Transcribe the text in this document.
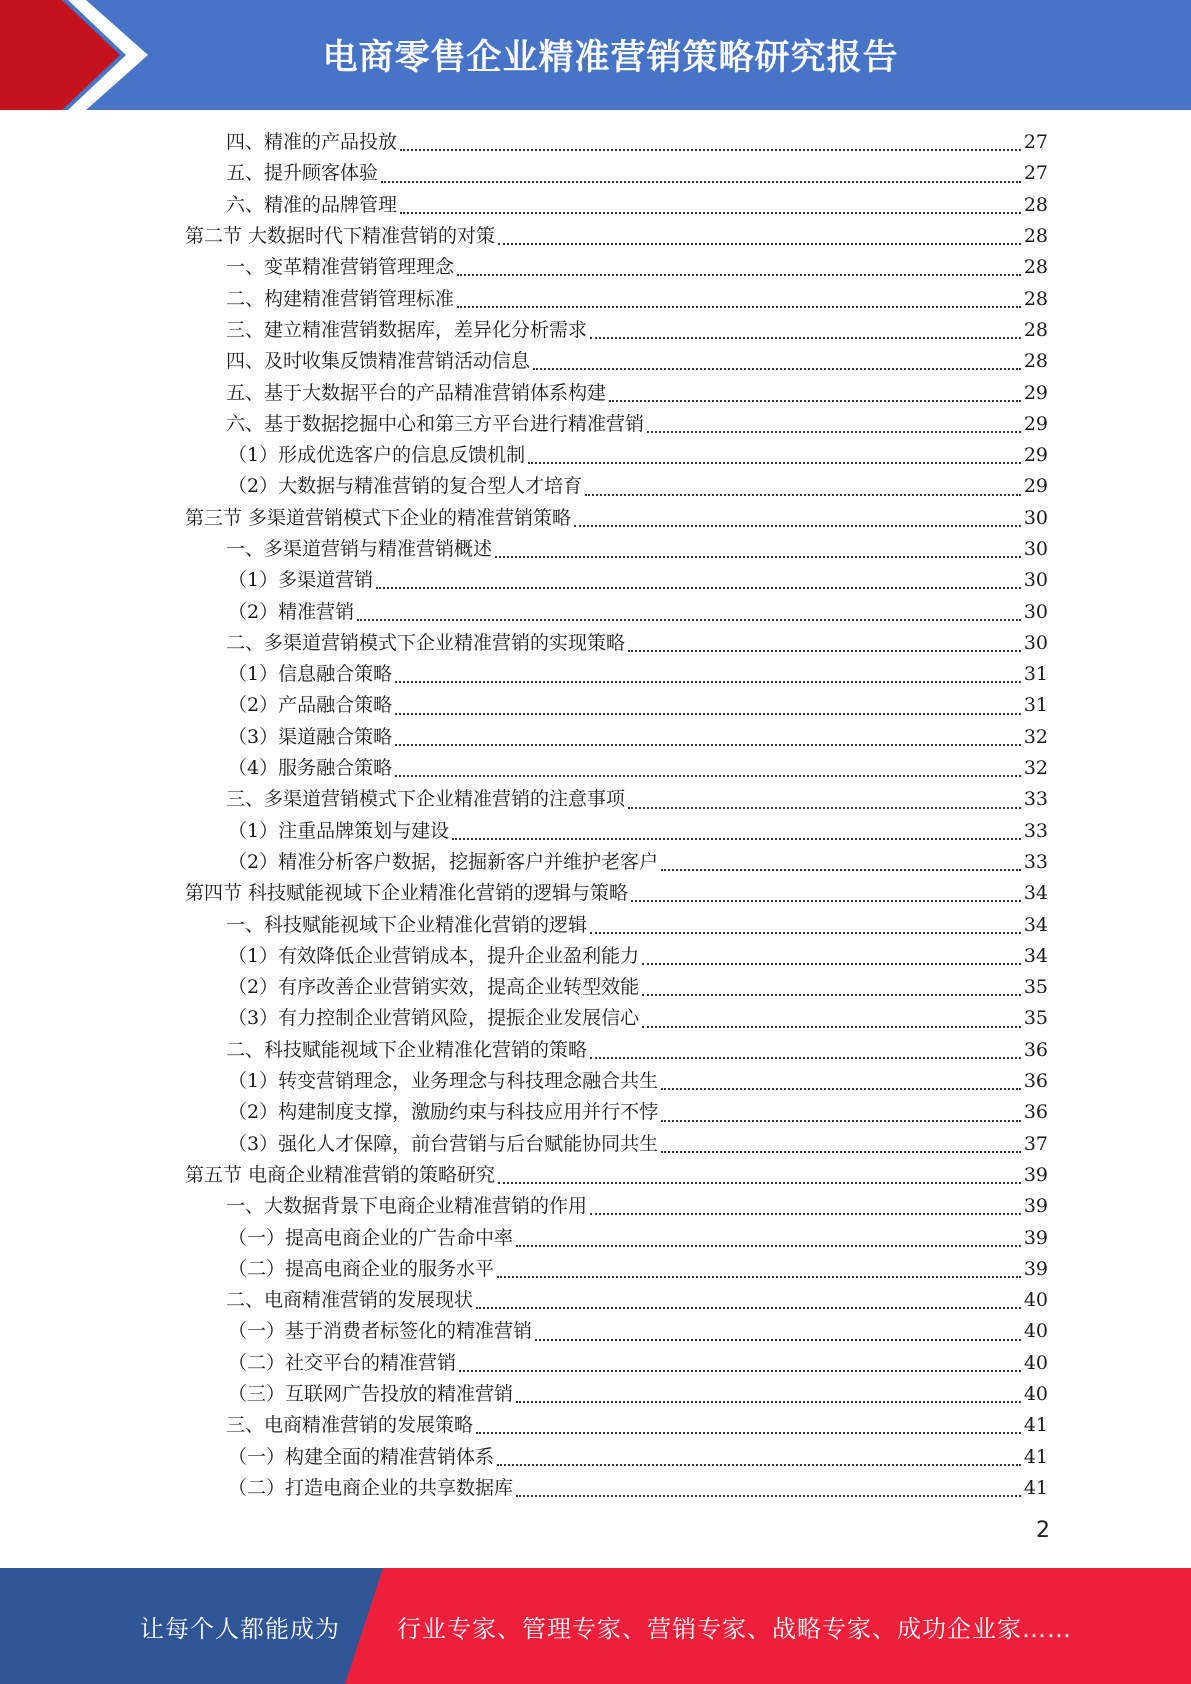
电商零售企业精准营销策略研究报告
四、精准的产品投放	27
五、提升顾客体验	27
六、精准的品牌管理	28
第二节 大数据时代下精准营销的对策	28
一、变革精准营销管理理念	28
二、构建精准营销管理标准	28
三、建立精准营销数据库，差异化分析需求	28
四、及时收集反馈精准营销活动信息	28
五、基于大数据平台的产品精准营销体系构建	29
六、基于数据挖掘中心和第三方平台进行精准营销	29
（1）形成优选客户的信息反馈机制	29
（2）大数据与精准营销的复合型人才培育	29
第三节 多渠道营销模式下企业的精准营销策略	30
一、多渠道营销与精准营销概述	30
（1）多渠道营销	30
（2）精准营销	30
二、多渠道营销模式下企业精准营销的实现策略	30
（1）信息融合策略	31
（2）产品融合策略	31
（3）渠道融合策略	32
（4）服务融合策略	32
三、多渠道营销模式下企业精准营销的注意事项	33
（1）注重品牌策划与建设	33
（2）精准分析客户数据，挖掘新客户并维护老客户	33
第四节 科技赋能视域下企业精准化营销的逻辑与策略	34
一、科技赋能视域下企业精准化营销的逻辑	34
（1）有效降低企业营销成本，提升企业盈利能力	34
（2）有序改善企业营销实效，提高企业转型效能	35
（3）有力控制企业营销风险，提振企业发展信心	35
二、科技赋能视域下企业精准化营销的策略	36
（1）转变营销理念，业务理念与科技理念融合共生	36
（2）构建制度支撑，激励约束与科技应用并行不悖	36
（3）强化人才保障，前台营销与后台赋能协同共生	37
第五节 电商企业精准营销的策略研究	39
一、大数据背景下电商企业精准营销的作用	39
（一）提高电商企业的广告命中率	39
（二）提高电商企业的服务水平	39
二、电商精准营销的发展现状	40
（一）基于消费者标签化的精准营销	40
（二）社交平台的精准营销	40
（三）互联网广告投放的精准营销	40
三、电商精准营销的发展策略	41
（一）构建全面的精准营销体系	41
（二）打造电商企业的共享数据库	41
2
让每个人都能成为 行业专家、管理专家、营销专家、战略专家、成功企业家……
